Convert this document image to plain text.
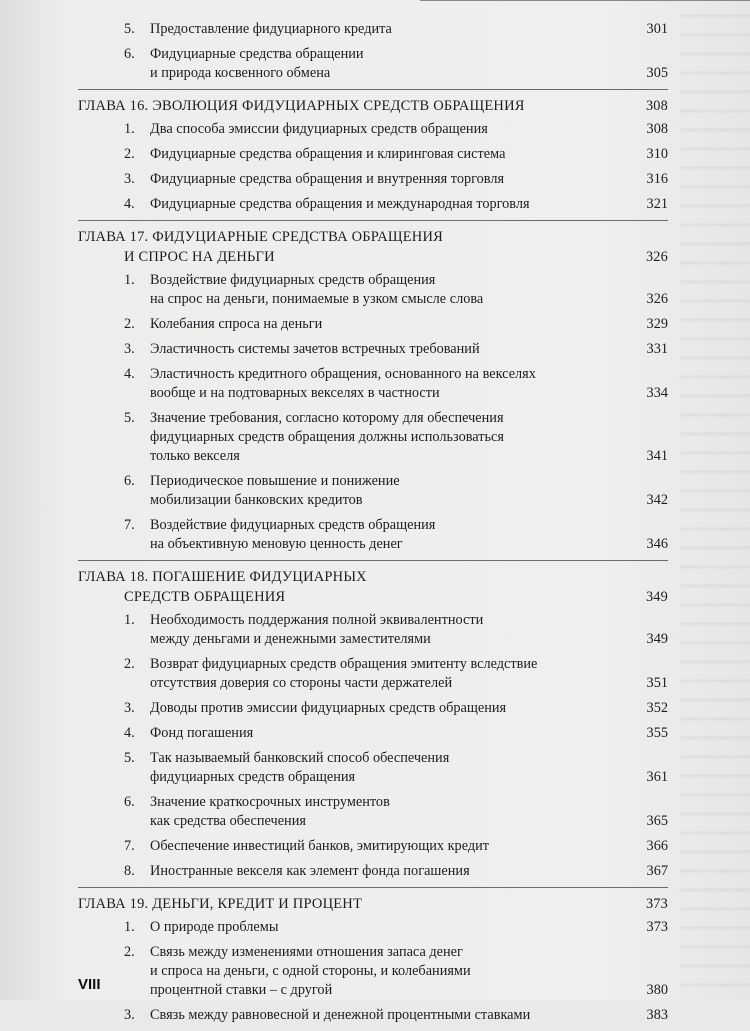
5. Предоставление фидуциарного кредита	301
6. Фидуциарные средства обращении
и природа косвенного обмена	305
ГЛАВА 16. ЭВОЛЮЦИЯ ФИДУЦИАРНЫХ СРЕДСТВ ОБРАЩЕНИЯ	308
1. Два способа эмиссии фидуциарных средств обращения	308
2. Фидуциарные средства обращения и клиринговая система	310
3. Фидуциарные средства обращения и внутренняя торговля	316
4. Фидуциарные средства обращения и международная торговля	321
ГЛАВА 17. ФИДУЦИАРНЫЕ СРЕДСТВА ОБРАЩЕНИЯ
И СПРОС НА ДЕНЬГИ	326
1. Воздействие фидуциарных средств обращения
на спрос на деньги, понимаемые в узком смысле слова	326
2. Колебания спроса на деньги	329
3. Эластичность системы зачетов встречных требований	331
4. Эластичность кредитного обращения, основанного на векселях
вообще и на подтоварных векселях в частности	334
5. Значение требования, согласно которому для обеспечения
фидуциарных средств обращения должны использоваться
только векселя	341
6. Периодическое повышение и понижение
мобилизации банковских кредитов	342
7. Воздействие фидуциарных средств обращения
на объективную меновую ценность денег	346
ГЛАВА 18. ПОГАШЕНИЕ ФИДУЦИАРНЫХ
СРЕДСТВ ОБРАЩЕНИЯ	349
1. Необходимость поддержания полной эквивалентности
между деньгами и денежными заместителями	349
2. Возврат фидуциарных средств обращения эмитенту вследствие
отсутствия доверия со стороны части держателей	351
3. Доводы против эмиссии фидуциарных средств обращения	352
4. Фонд погашения	355
5. Так называемый банковский способ обеспечения
фидуциарных средств обращения	361
6. Значение краткосрочных инструментов
как средства обеспечения	365
7. Обеспечение инвестиций банков, эмитирующих кредит	366
8. Иностранные векселя как элемент фонда погашения	367
ГЛАВА 19. ДЕНЬГИ, КРЕДИТ И ПРОЦЕНТ	373
1. О природе проблемы	373
2. Связь между изменениями отношения запаса денег
и спроса на деньги, с одной стороны, и колебаниями
процентной ставки – с другой	380
3. Связь между равновесной и денежной процентными ставками	383
VIII
